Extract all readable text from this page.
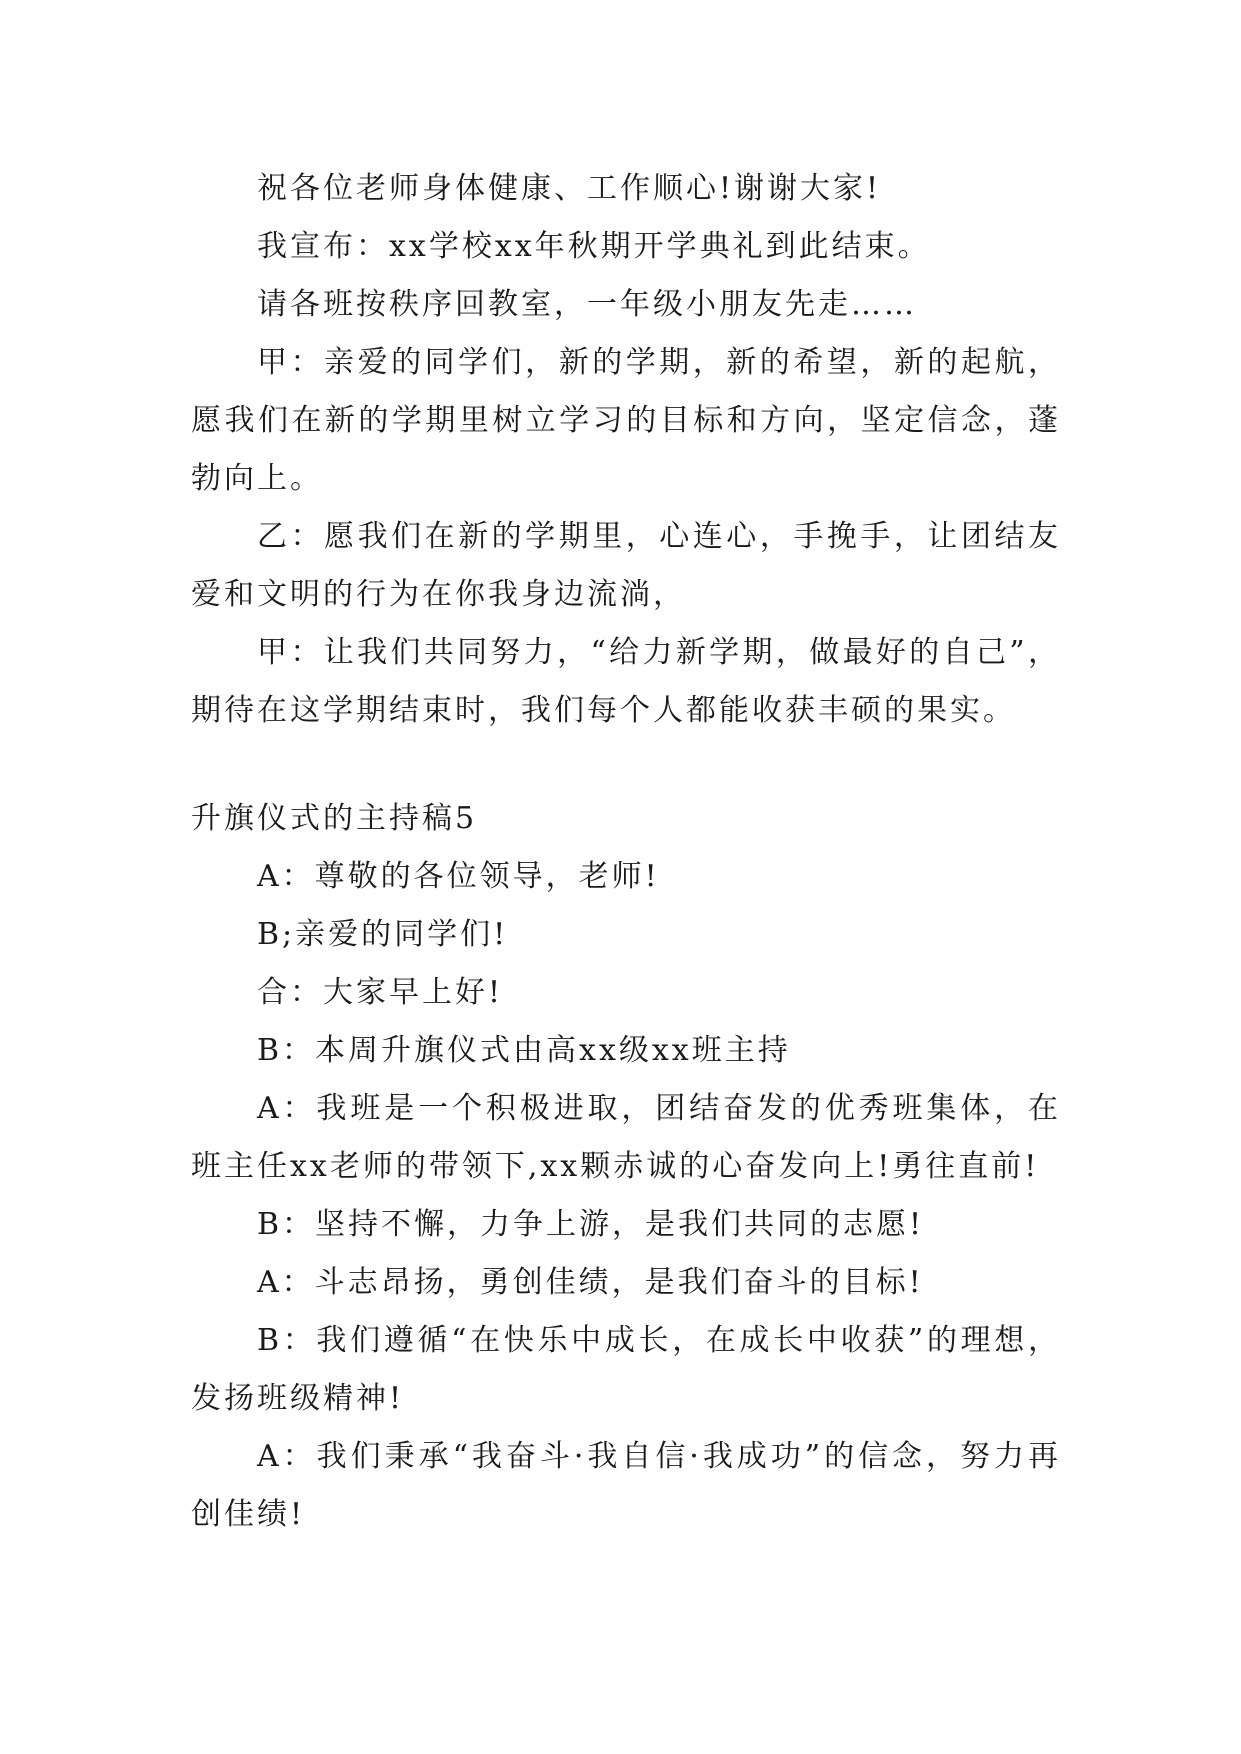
祝各位老师身体健康、工作顺心!谢谢大家!

我宣布：xx学校xx年秋期开学典礼到此结束。

请各班按秩序回教室，一年级小朋友先走……

甲：亲爱的同学们，新的学期，新的希望，新的起航，愿我们在新的学期里树立学习的目标和方向，坚定信念，蓬勃向上。

乙：愿我们在新的学期里，心连心，手挽手，让团结友爱和文明的行为在你我身边流淌，

甲：让我们共同努力，“给力新学期，做最好的自己”，期待在这学期结束时，我们每个人都能收获丰硕的果实。

升旗仪式的主持稿5

A：尊敬的各位领导，老师!

B;亲爱的同学们!

合：大家早上好!

B：本周升旗仪式由高xx级xx班主持

A：我班是一个积极进取，团结奋发的优秀班集体，在班主任xx老师的带领下,xx颗赤诚的心奋发向上!勇往直前!

B：坚持不懈，力争上游，是我们共同的志愿!

A：斗志昂扬，勇创佳绩，是我们奋斗的目标!

B：我们遵循“在快乐中成长，在成长中收获”的理想，发扬班级精神!

A：我们秉承“我奋斗·我自信·我成功”的信念，努力再创佳绩!
